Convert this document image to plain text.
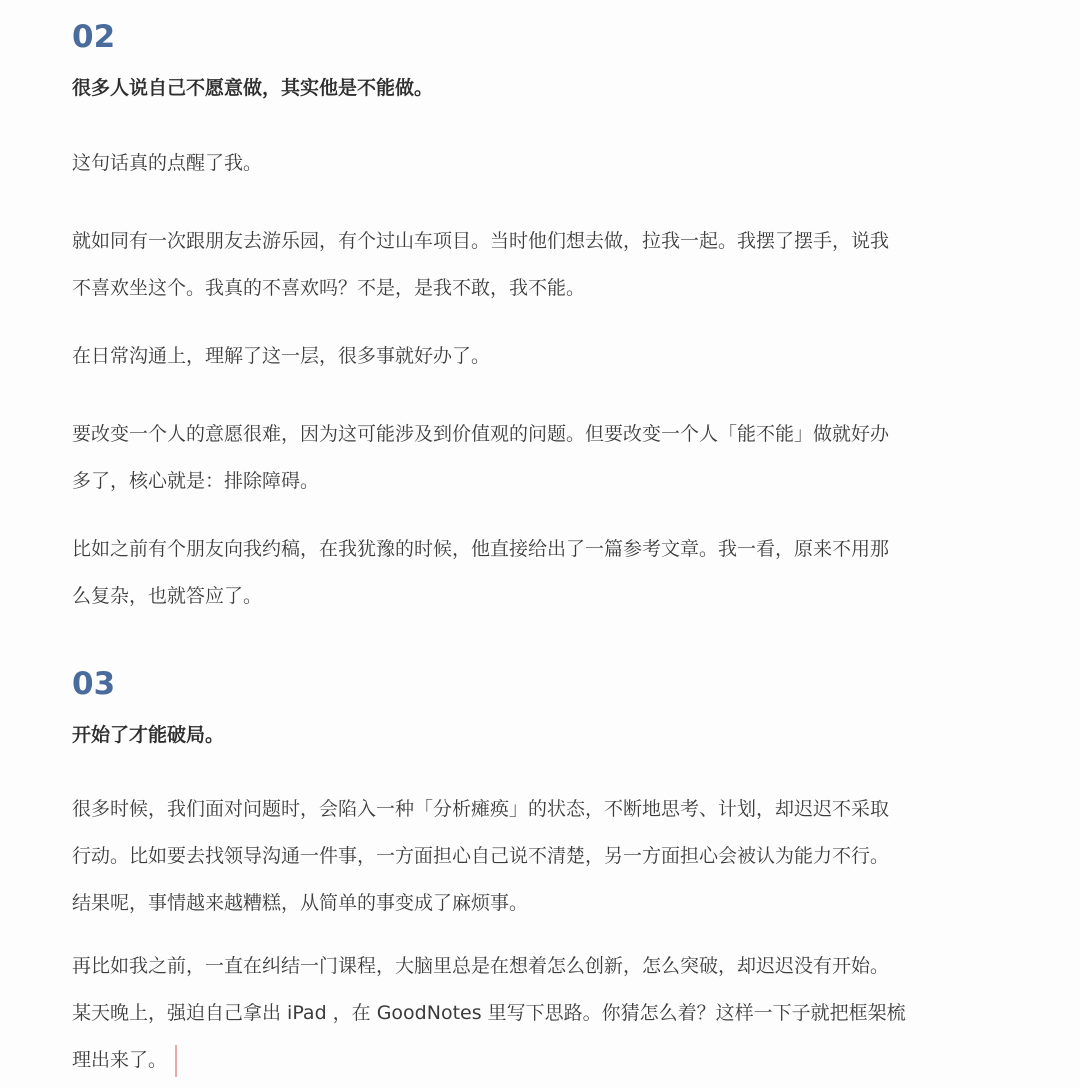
02

很多人说自己不愿意做，其实他是不能做。

这句话真的点醒了我。
就如同有一次跟朋友去游乐园，有个过山车项目。当时他们想去做，拉我一起。我摆了摆手，说我
不喜欢坐这个。我真的不喜欢吗？不是，是我不敢，我不能。
在日常沟通上，理解了这一层，很多事就好办了。
要改变一个人的意愿很难，因为这可能涉及到价值观的问题。但要改变一个人「能不能」做就好办
多了，核心就是：排除障碍。
比如之前有个朋友向我约稿，在我犹豫的时候，他直接给出了一篇参考文章。我一看，原来不用那
么复杂，也就答应了。
03

开始了才能破局。

很多时候，我们面对问题时，会陷入一种「分析瘫痪」的状态，不断地思考、计划，却迟迟不采取
行动。比如要去找领导沟通一件事，一方面担心自己说不清楚，另一方面担心会被认为能力不行。
结果呢，事情越来越糟糕，从简单的事变成了麻烦事。
再比如我之前，一直在纠结一门课程，大脑里总是在想着怎么创新，怎么突破，却迟迟没有开始。
某天晚上，强迫自己拿出 iPad ，在 GoodNotes 里写下思路。你猜怎么着？这样一下子就把框架梳
理出来了。
